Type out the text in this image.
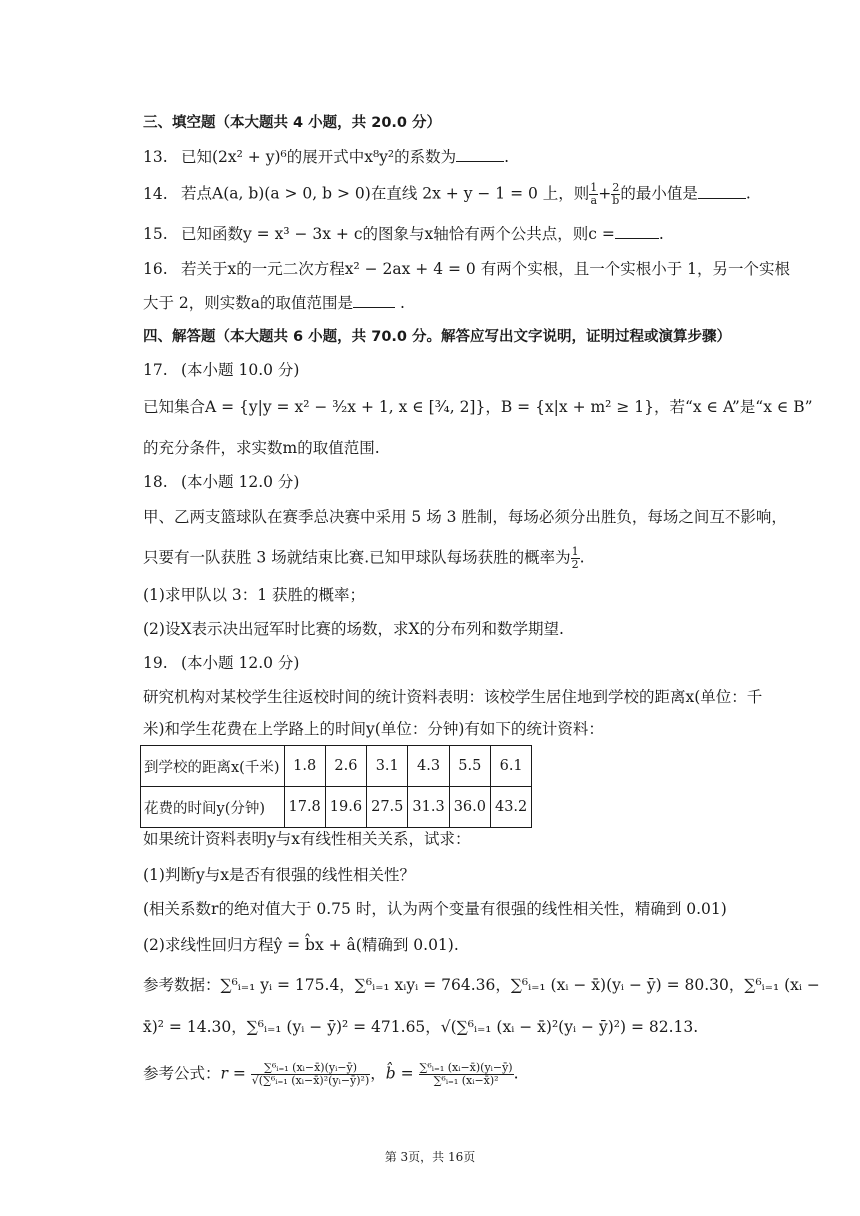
三、填空题（本大题共 4 小题，共 20.0 分）
13. 已知(2x² + y)⁶的展开式中x⁸y²的系数为	.
14. 若点A(a, b)(a > 0, b > 0)在直线 2x + y − 1 = 0 上，则 $\frac{1}{a} + \frac{2}{b}$ 的最小值是	.
15. 已知函数y = x³ − 3x + c的图象与x轴恰有两个公共点，则c =	.
16. 若关于x的一元二次方程x² − 2ax + 4 = 0 有两个实根，且一个实根小于 1，另一个实根
大于 2，则实数a的取值范围是	.
四、解答题（本大题共 6 小题，共 70.0 分。解答应写出文字说明，证明过程或演算步骤）
17. (本小题 10.0 分)
已知集合A = {y|y = x² − ³⁄₂x + 1, x ∈ [³⁄₄, 2]}，B = {x|x + m² ≥ 1}，若“x ∈ A”是“x ∈ B”
的充分条件，求实数m的取值范围.
18. (本小题 12.0 分)
甲、乙两支篮球队在赛季总决赛中采用 5 场 3 胜制，每场必须分出胜负，每场之间互不影响，
只要有一队获胜 3 场就结束比赛.已知甲球队每场获胜的概率为 $\frac{1}{2}$ .
(1)求甲队以 3：1 获胜的概率；
(2)设X表示决出冠军时比赛的场数，求X的分布列和数学期望.
19. (本小题 12.0 分)
研究机构对某校学生往返校时间的统计资料表明：该校学生居住地到学校的距离x(单位：千
米)和学生花费在上学路上的时间y(单位：分钟)有如下的统计资料：
到学校的距离x(千米)	1.8	2.6	3.1	4.3	5.5	6.1
花费的时间y(分钟)	17.8	19.6	27.5	31.3	36.0	43.2
如果统计资料表明y与x有线性相关关系，试求：
(1)判断y与x是否有很强的线性相关性？
(相关系数r的绝对值大于 0.75 时，认为两个变量有很强的线性相关性，精确到 0.01)
(2)求线性回归方程ŷ = b̂x + â(精确到 0.01).
参考数据：∑⁶ᵢ₌₁ yᵢ = 175.4，∑⁶ᵢ₌₁ xᵢyᵢ = 764.36，∑⁶ᵢ₌₁ (xᵢ − x̄)(yᵢ − ȳ) = 80.30，∑⁶ᵢ₌₁ (xᵢ −
x̄)² = 14.30，∑⁶ᵢ₌₁ (yᵢ − ȳ)² = 471.65，√(∑⁶ᵢ₌₁ (xᵢ − x̄)²(yᵢ − ȳ)²) = 82.13.
参考公式：$r = \frac{\text{∑⁶ᵢ₌₁ (xᵢ−x̄)(yᵢ−ȳ)}}{\text{√(∑⁶ᵢ₌₁ (xᵢ−x̄)²(yᵢ−ȳ)²)}}$ ，b̂ = $\frac{\text{∑⁶ᵢ₌₁ (xᵢ−x̄)(yᵢ−ȳ)}}{\text{∑⁶ᵢ₌₁ (xᵢ−x̄)²}}$ .
第 3页，共 16页
